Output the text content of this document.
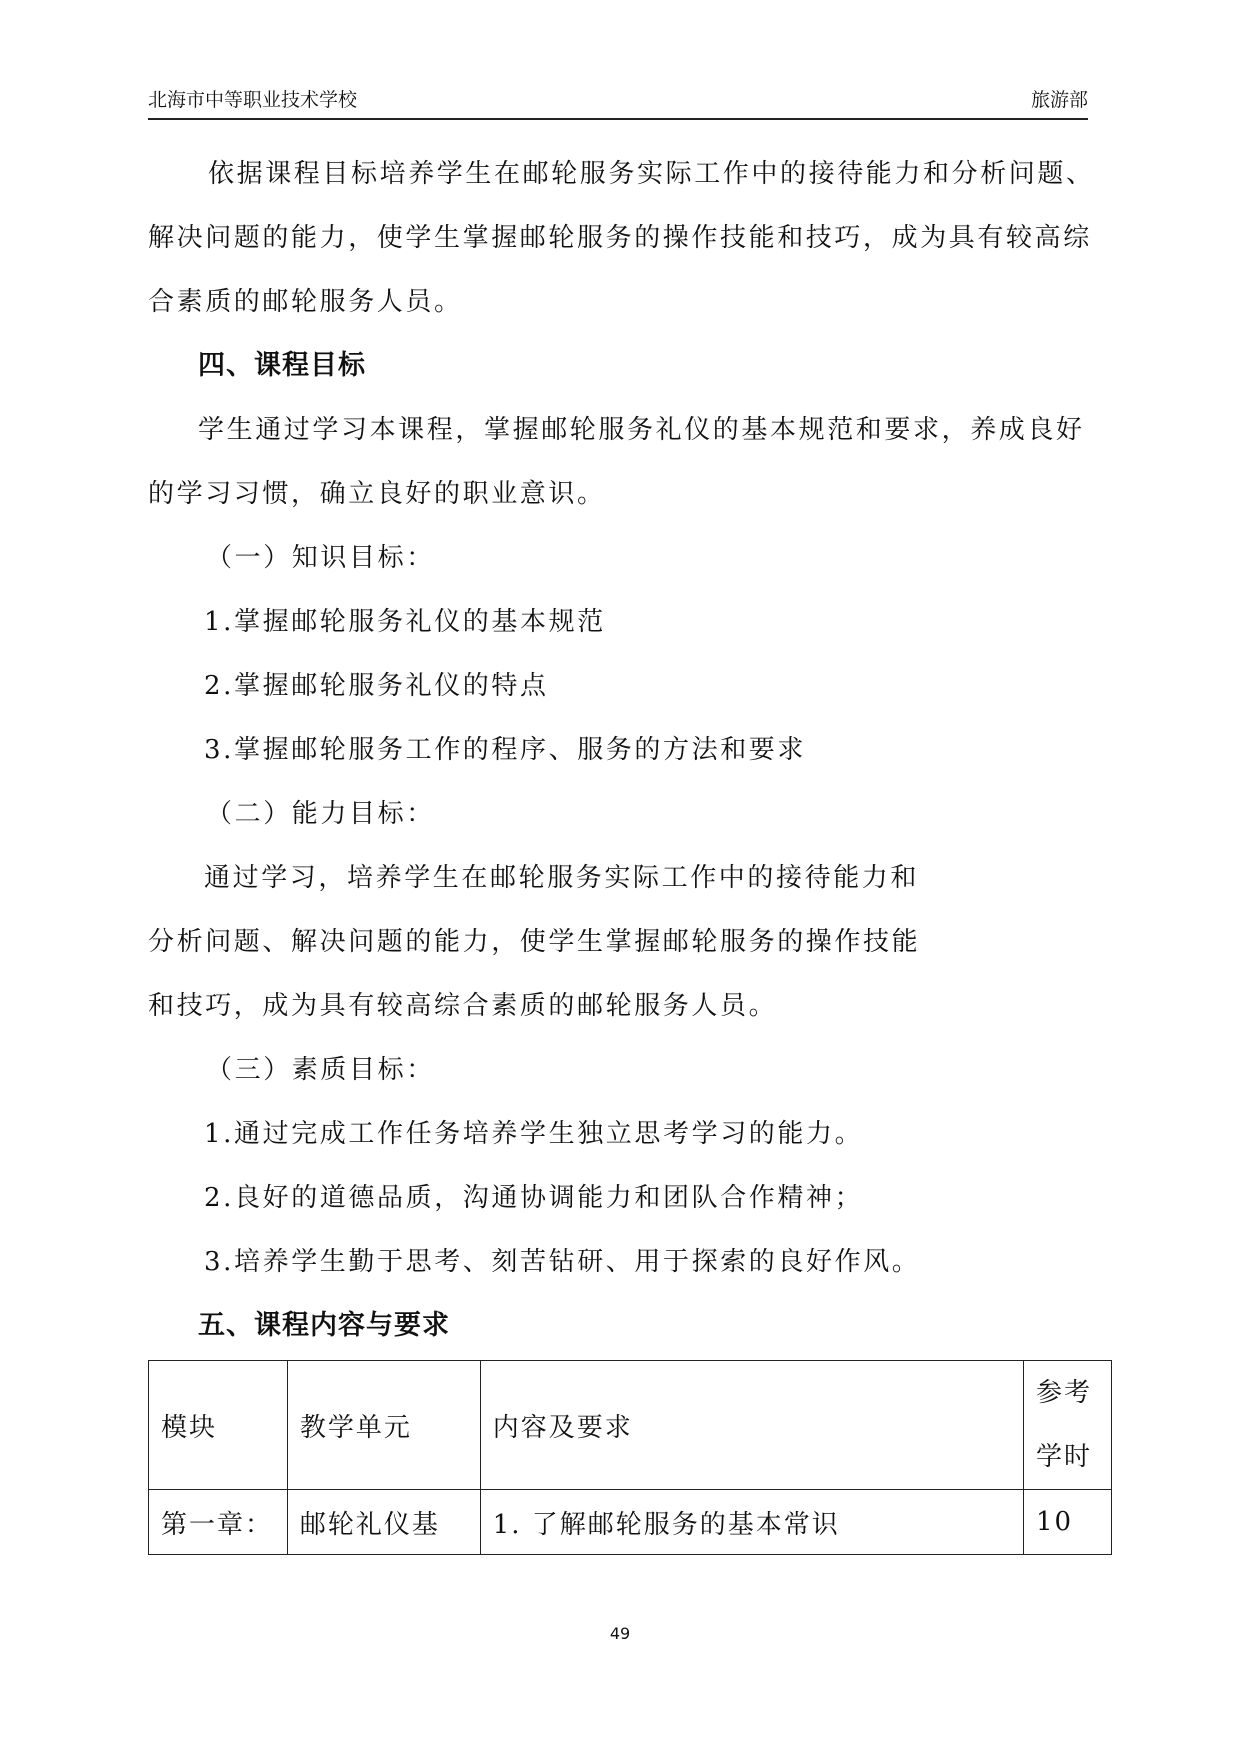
北海市中等职业技术学校	旅游部
依据课程目标培养学生在邮轮服务实际工作中的接待能力和分析问题、
解决问题的能力，使学生掌握邮轮服务的操作技能和技巧，成为具有较高综
合素质的邮轮服务人员。
四、课程目标
学生通过学习本课程，掌握邮轮服务礼仪的基本规范和要求，养成良好
的学习习惯，确立良好的职业意识。
（一）知识目标：
1.掌握邮轮服务礼仪的基本规范
2.掌握邮轮服务礼仪的特点
3.掌握邮轮服务工作的程序、服务的方法和要求
（二）能力目标：
通过学习，培养学生在邮轮服务实际工作中的接待能力和
分析问题、解决问题的能力，使学生掌握邮轮服务的操作技能
和技巧，成为具有较高综合素质的邮轮服务人员。
（三）素质目标：
1.通过完成工作任务培养学生独立思考学习的能力。
2.良好的道德品质，沟通协调能力和团队合作精神；
3.培养学生勤于思考、刻苦钻研、用于探索的良好作风。
五、课程内容与要求
模块	教学单元	内容及要求	参考
学时
第一章：	邮轮礼仪基	1. 了解邮轮服务的基本常识	10
49
